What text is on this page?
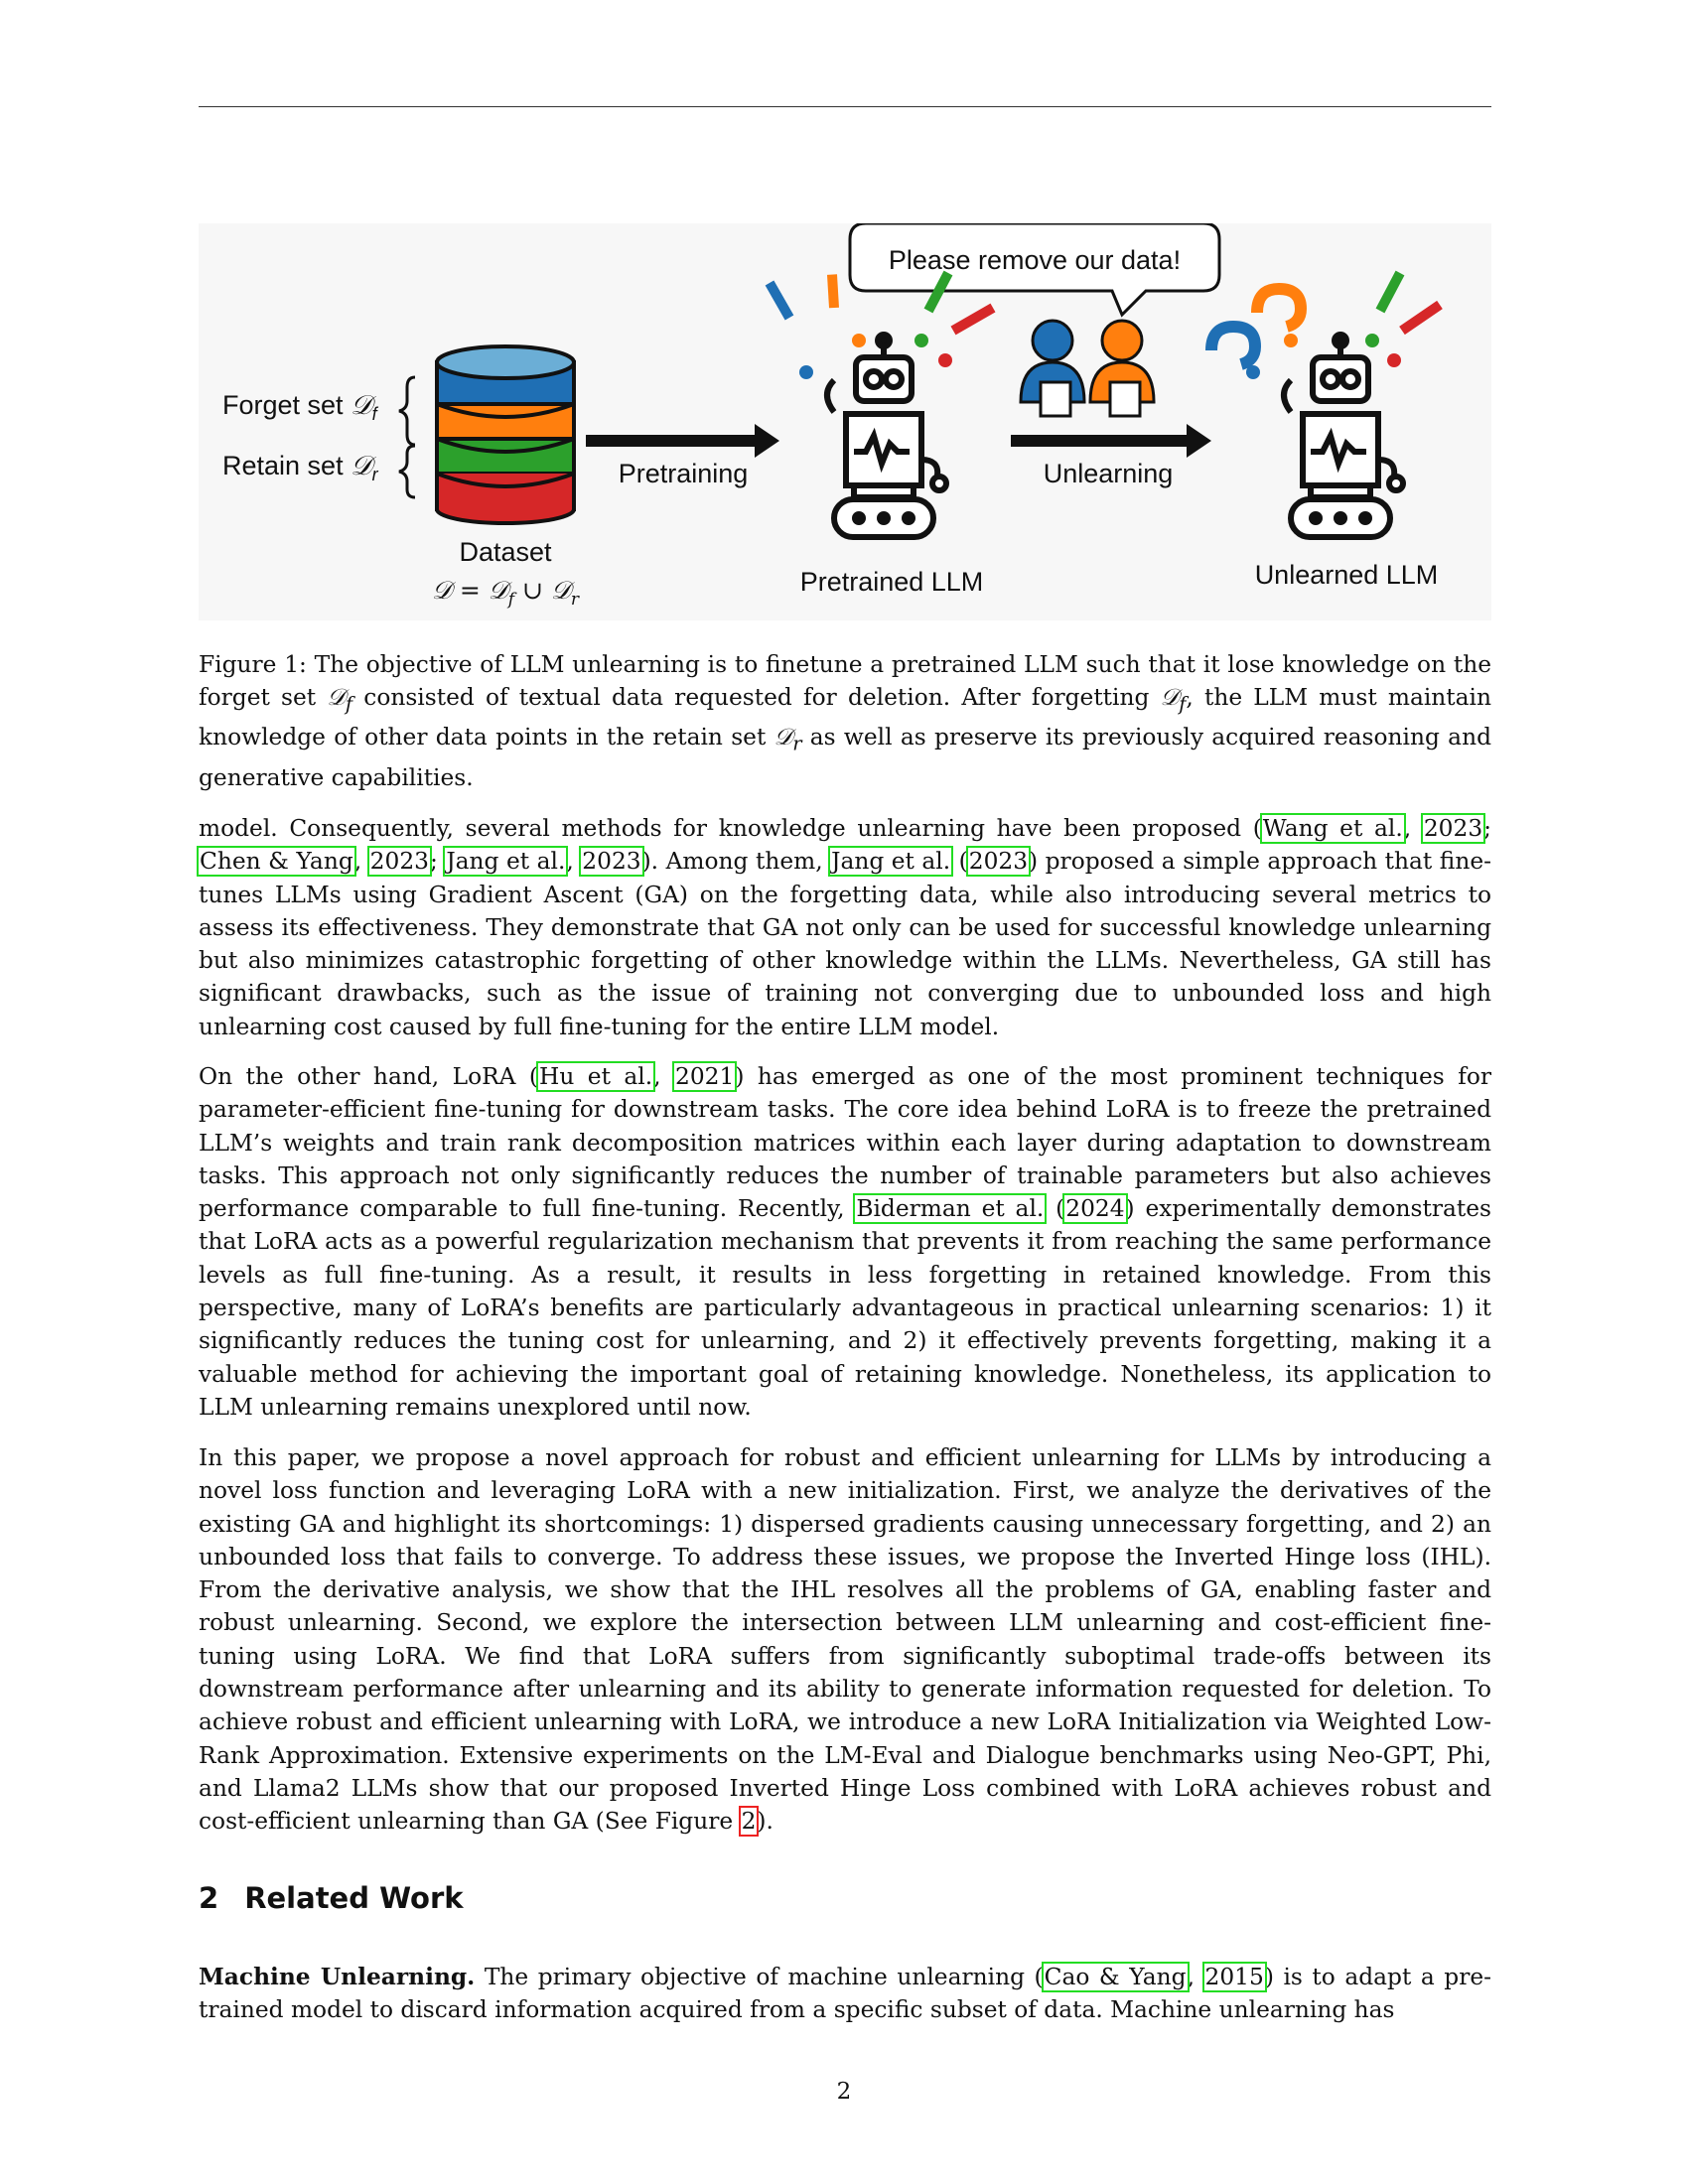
Forget set 𝒟$_f$
Retain set 𝒟$_r$
Dataset
𝒟 = 𝒟$_f$ ∪ 𝒟$_r$
Pretraining
Please remove our data!
Pretrained LLM
Unlearning
Unlearned LLM
Figure 1: The objective of LLM unlearning is to finetune a pretrained LLM such that it lose knowledge on the forget set 𝒟$_f$ consisted of textual data requested for deletion. After forgetting 𝒟$_f$, the LLM must maintain knowledge of other data points in the retain set 𝒟$_r$ as well as preserve its previously acquired reasoning and generative capabilities.

model. Consequently, several methods for knowledge unlearning have been proposed (Wang et al., 2023; Chen & Yang, 2023; Jang et al., 2023). Among them, Jang et al. (2023) proposed a simple approach that fine-tunes LLMs using Gradient Ascent (GA) on the forgetting data, while also introducing several metrics to assess its effectiveness. They demonstrate that GA not only can be used for successful knowledge unlearning but also minimizes catastrophic forgetting of other knowledge within the LLMs. Nevertheless, GA still has significant drawbacks, such as the issue of training not converging due to unbounded loss and high unlearning cost caused by full fine-tuning for the entire LLM model.

On the other hand, LoRA (Hu et al., 2021) has emerged as one of the most prominent techniques for parameter-efficient fine-tuning for downstream tasks. The core idea behind LoRA is to freeze the pretrained LLM’s weights and train rank decomposition matrices within each layer during adaptation to downstream tasks. This approach not only significantly reduces the number of trainable parameters but also achieves performance comparable to full fine-tuning. Recently, Biderman et al. (2024) experimentally demonstrates that LoRA acts as a powerful regularization mechanism that prevents it from reaching the same performance levels as full fine-tuning. As a result, it results in less forgetting in retained knowledge. From this perspective, many of LoRA’s benefits are particularly advantageous in practical unlearning scenarios: 1) it significantly reduces the tuning cost for unlearning, and 2) it effectively prevents forgetting, making it a valuable method for achieving the important goal of retaining knowledge. Nonetheless, its application to LLM unlearning remains unexplored until now.

In this paper, we propose a novel approach for robust and efficient unlearning for LLMs by introducing a novel loss function and leveraging LoRA with a new initialization. First, we analyze the derivatives of the existing GA and highlight its shortcomings: 1) dispersed gradients causing unnecessary forgetting, and 2) an unbounded loss that fails to converge. To address these issues, we propose the Inverted Hinge loss (IHL). From the derivative analysis, we show that the IHL resolves all the problems of GA, enabling faster and robust unlearning. Second, we explore the intersection between LLM unlearning and cost-efficient fine-tuning using LoRA. We find that LoRA suffers from significantly suboptimal trade-offs between its downstream performance after unlearning and its ability to generate information requested for deletion. To achieve robust and efficient unlearning with LoRA, we introduce a new LoRA Initialization via Weighted Low-Rank Approximation. Extensive experiments on the LM-Eval and Dialogue benchmarks using Neo-GPT, Phi, and Llama2 LLMs show that our proposed Inverted Hinge Loss combined with LoRA achieves robust and cost-efficient unlearning than GA (See Figure 2).

2 Related Work

Machine Unlearning. The primary objective of machine unlearning (Cao & Yang, 2015) is to adapt a pre-trained model to discard information acquired from a specific subset of data. Machine unlearning has

2
